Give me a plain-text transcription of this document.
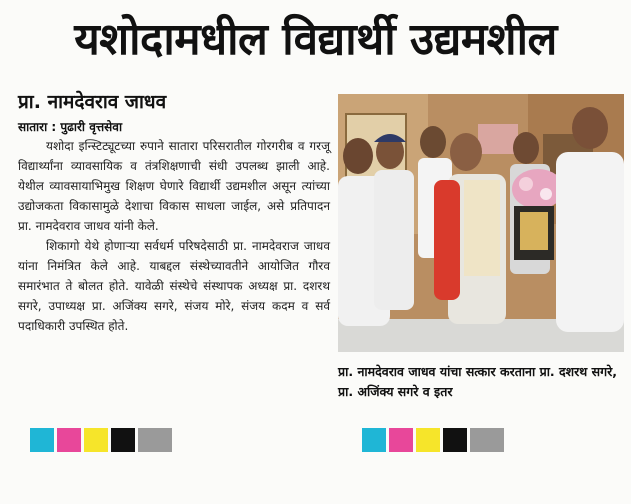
यशोदामधील विद्यार्थी उद्यमशील
प्रा. नामदेवराव जाधव
सातारा : पुढारी वृत्तसेवा

यशोदा इन्स्टिट्यूटच्या रुपाने सातारा परिसरातील गोरगरीब व गरजू विद्यार्थ्यांना व्यावसायिक व तंत्रशिक्षणाची संधी उपलब्ध झाली आहे. येथील व्यावसायाभिमुख शिक्षण घेणारे विद्यार्थी उद्यमशील असून त्यांच्या उद्योजकता विकासामुळे देशाचा विकास साधला जाईल, असे प्रतिपादन प्रा. नामदेवराव जाधव यांनी केले.

शिकागो येथे होणाऱ्या सर्वधर्म परिषदेसाठी प्रा. नामदेवराज जाधव यांना निमंत्रित केले आहे. याबद्दल संस्थेच्यावतीने आयोजित गौरव समारंभात ते बोलत होते. यावेळी संस्थेचे संस्थापक अध्यक्ष प्रा. दशरथ सगरे, उपाध्यक्ष प्रा. अजिंक्य सगरे, संजय मोरे, संजय कदम व सर्व पदाधिकारी उपस्थित होते.

प्रा. नामदेवराव जाधव यांचा सत्कार करताना प्रा. दशरथ सगरे, प्रा. अजिंक्य सगरे व इतर
